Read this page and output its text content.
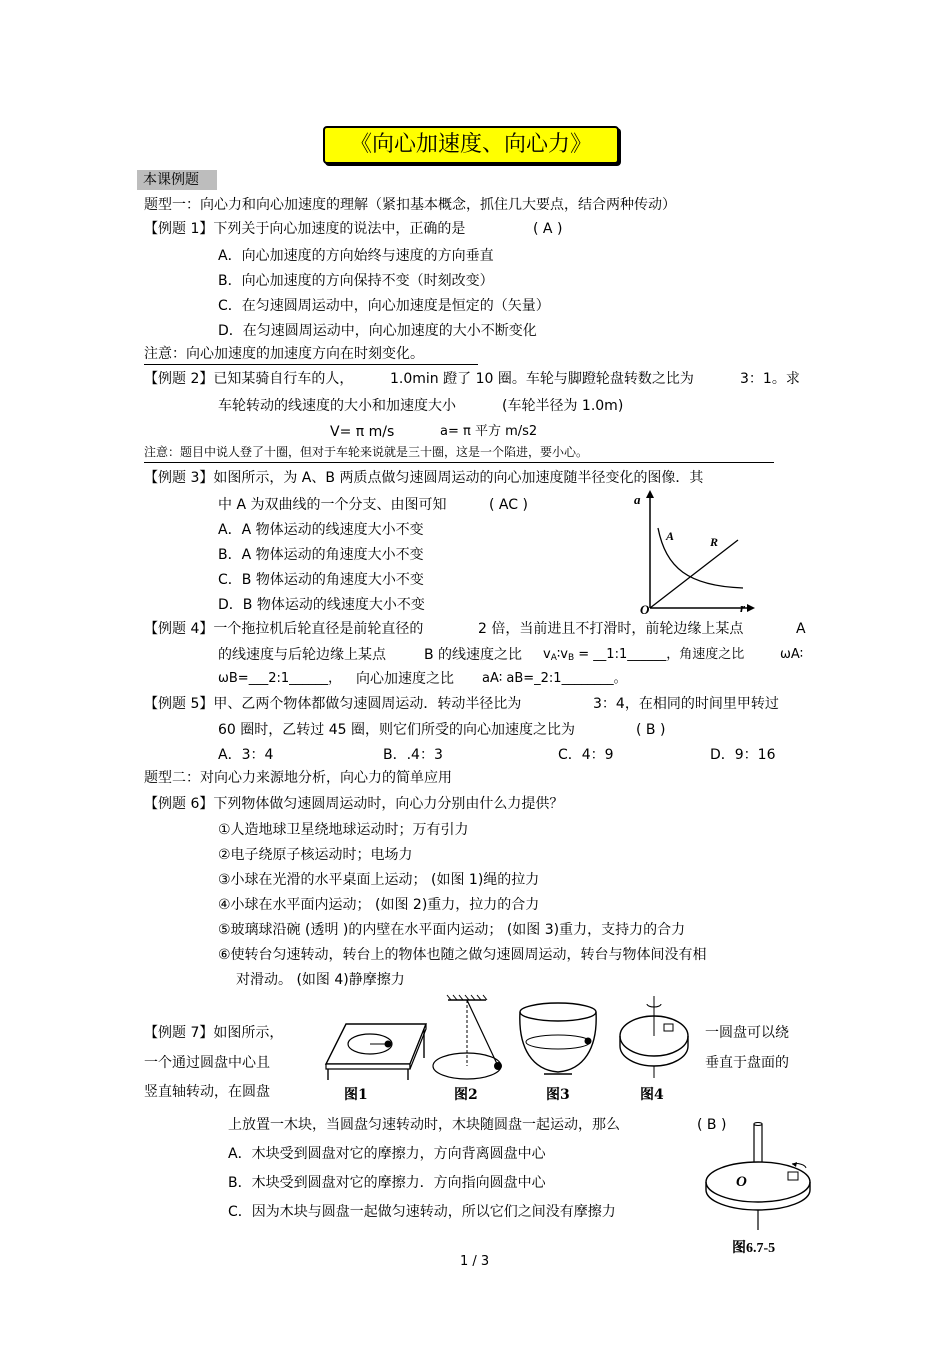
《向心加速度、向心力》
本课例题
题型一：向心力和向心加速度的理解（紧扣基本概念，抓住几大要点，结合两种传动）
【例题 1】下列关于向心加速度的说法中，正确的是	( A )
A．向心加速度的方向始终与速度的方向垂直
B．向心加速度的方向保持不变（时刻改变）
C．在匀速圆周运动中，向心加速度是恒定的（矢量）
D．在匀速圆周运动中，向心加速度的大小不断变化
注意：向心加速度的加速度方向在时刻变化。
【例题 2】已知某骑自行车的人，	1.0min 蹬了 10 圈。车轮与脚蹬轮盘转数之比为	3：1。求
车轮转动的线速度的大小和加速度大小	(车轮半径为 1.0m)
V= π m/s	a= π 平方 m/s2
注意：题目中说人登了十圈，但对于车轮来说就是三十圈，这是一个陷进，要小心。
【例题 3】如图所示，为 A、B 两质点做匀速圆周运动的向心加速度随半径变化的图像．其
中 A 为双曲线的一个分支、由图可知	( AC )
A．A 物体运动的线速度大小不变
B．A 物体运动的角速度大小不变
C．B 物体运动的角速度大小不变
D．B 物体运动的线速度大小不变
a
r
O
A	R
【例题 4】一个拖拉机后轮直径是前轮直径的	2 倍，当前进且不打滑时，前轮边缘上某点	A
的线速度与后轮边缘上某点	B 的线速度之比 $v_A∶v_B$ = __1:1______，角速度之比	ωA∶
ωB=___2:1______， 向心加速度之比 aA∶ aB=_2:1________。
【例题 5】甲、乙两个物体都做匀速圆周运动．转动半径比为	3：4，在相同的时间里甲转过
60 圈时，乙转过 45 圈，则它们所受的向心加速度之比为	( B )
A．3：4	B．.4：3	C．4：9	D．9：16
题型二：对向心力来源地分析，向心力的简单应用
【例题 6】下列物体做匀速圆周运动时，向心力分别由什么力提供？
①人造地球卫星绕地球运动时；万有引力
②电子绕原子核运动时；电场力
③小球在光滑的水平桌面上运动； (如图 1)绳的拉力
④小球在水平面内运动； (如图 2)重力，拉力的合力
⑤玻璃球沿碗 (透明 )的内壁在水平面内运动； (如图 3)重力，支持力的合力
⑥使转台匀速转动，转台上的物体也随之做匀速圆周运动，转台与物体间没有相
对滑动。 (如图 4)静摩擦力
图1	图2	图3	图4
【例题 7】如图所示，
一个通过圆盘中心且
竖直轴转动，在圆盘
一圆盘可以绕
垂直于盘面的
上放置一木块，当圆盘匀速转动时，木块随圆盘一起运动，那么	( B )
A．木块受到圆盘对它的摩擦力，方向背离圆盘中心
B．木块受到圆盘对它的摩擦力．方向指向圆盘中心
C．因为木块与圆盘一起做匀速转动，所以它们之间没有摩擦力
O
图6.7-5
1 / 3
